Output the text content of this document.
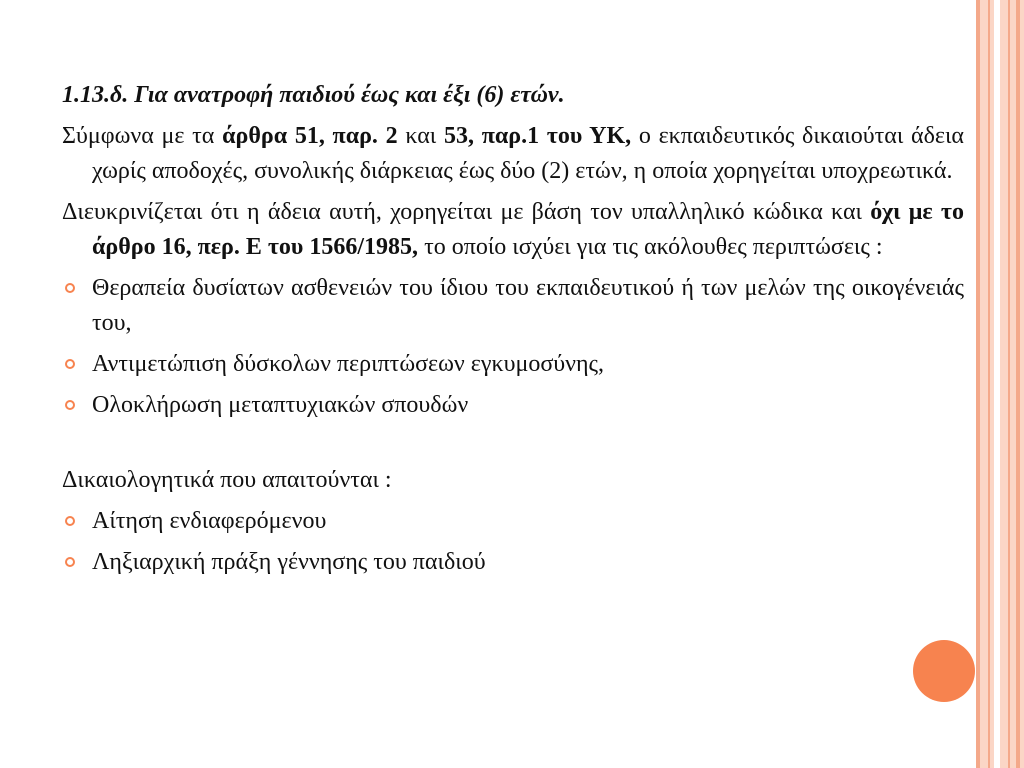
1.13.δ. Για ανατροφή παιδιού έως και έξι (6) ετών.

Σύμφωνα με τα άρθρα 51, παρ. 2 και 53, παρ.1 του ΥΚ, ο εκπαιδευτικός δικαιούται άδεια χωρίς αποδοχές, συνολικής διάρκειας έως δύο (2) ετών, η οποία χορηγείται υποχρεωτικά.

Διευκρινίζεται ότι η άδεια αυτή, χορηγείται με βάση τον υπαλληλικό κώδικα και όχι με το άρθρο 16, περ. Ε του 1566/1985, το οποίο ισχύει για τις ακόλουθες περιπτώσεις :

Θεραπεία δυσίατων ασθενειών του ίδιου του εκπαιδευτικού ή των μελών της οικογένειάς του,
Αντιμετώπιση δύσκολων περιπτώσεων εγκυμοσύνης,
Ολοκλήρωση μεταπτυχιακών σπουδών

Δικαιολογητικά που απαιτούνται :

Αίτηση ενδιαφερόμενου
Ληξιαρχική πράξη γέννησης του παιδιού
